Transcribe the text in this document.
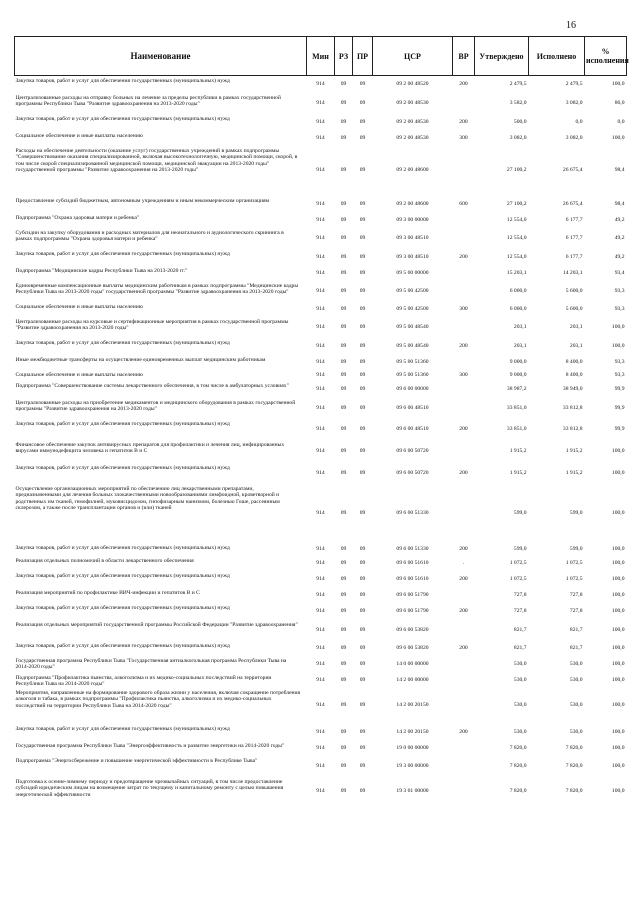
16
Наименование	Мин	РЗ	ПР	ЦСР	ВР	Утверждено	Исполнено	% исполнения
Закупка товаров, работ и услуг для обеспечения государственных (муниципальных) нужд	914	09	09	09 2 00 48520	200	2 479,5	2 479,5	100,0
Централизованные расходы на отправку больных на лечение за пределы республики в рамках государственной программы Республики Тыва "Развитие здравоохранения на 2013-2020 годы"	914	09	09	09 2 00 48530		3 582,0	3 082,0	86,0
Закупка товаров, работ и услуг для обеспечения государственных (муниципальных) нужд	914	09	09	09 2 00 48530	200	500,0	0,0	0,0
Социальное обеспечение и иные выплаты населению	914	09	09	09 2 00 48530	300	3 082,0	3 082,0	100,0
Расходы на обеспечение деятельности (оказание услуг) государственных учреждений в рамках подпрограммы "Совершенствование оказания специализированной, включая высокотехнологичную, медицинской помощи, скорой, в том числе скорой специализированной медицинской помощи, медицинской эвакуации на 2013-2020 годы" государственной программы "Развитие здравоохранения на 2013-2020 годы"	914	09	09	09 2 00 48600		27 100,2	26 675,4	98,4
Предоставление субсидий бюджетным, автономным учреждениям и иным некоммерческим организациям	914	09	09	09 2 00 48600	600	27 100,2	26 675,4	98,4
Подпрограмма "Охрана здоровья матери и ребенка"	914	09	09	09 3 00 00000		12 554,0	6 177,7	49,2
Субсидии на закупку оборудования и расходных материалов для неонатального и аудиологического скрининга в рамках подпрограммы "Охрана здоровья матери и ребенка"	914	09	09	09 3 00 48510		12 554,0	6 177,7	49,2
Закупка товаров, работ и услуг для обеспечения государственных (муниципальных) нужд	914	09	09	09 3 00 48510	200	12 554,0	6 177,7	49,2
Подпрограмма "Медицинские кадры Республики Тыва на 2013-2020 гг."	914	09	09	09 5 00 00000		15 203,1	14 203,1	93,4
Единовременные компенсационные выплаты медицинским работникам в рамках подпрограммы "Медицинские кадры Республики Тыва на 2013-2020 годы" государственной программы "Развитие здравоохранения на 2013-2020 годы"	914	09	09	09 5 00 42500		6 000,0	5 600,0	93,3
Социальное обеспечение и иные выплаты населению	914	09	09	09 5 00 42500	300	6 000,0	5 600,0	93,3
Централизованные расходы на курсовые и сертификационные мероприятия в рамках государственной программы "Развитие здравоохранения на 2013-2020 годы"	914	09	09	09 5 00 48540		203,1	203,1	100,0
Закупка товаров, работ и услуг для обеспечения государственных (муниципальных) нужд	914	09	09	09 5 00 48540	200	203,1	203,1	100,0
Иные межбюджетные трансферты на осуществление единовременных выплат медицинским работникам	914	09	09	09 5 00 51360		9 000,0	8 400,0	93,3
Социальное обеспечение и иные выплаты населению	914	09	09	09 5 00 51360	300	9 000,0	8 400,0	93,3
Подпрограмма "Совершенствование системы лекарственного обеспечения, в том числе в амбулаторных условиях"	914	09	09	09 6 00 00000		38 987,2	38 949,0	99,9
Централизованные расходы на приобретение медикаментов и медицинского оборудования в рамках государственной программы "Развитие здравоохранения на 2013-2020 годы"	914	09	09	09 6 00 48510		33 851,0	33 812,8	99,9
Закупка товаров, работ и услуг для обеспечения государственных (муниципальных) нужд	914	09	09	09 6 00 48510	200	33 851,0	33 812,8	99,9
Финансовое обеспечение закупок антивирусных препаратов для профилактики и лечения лиц, инфицированных вирусами иммунодефицита человека и гепатитов В и С	914	09	09	09 6 00 50720		1 915,2	1 915,2	100,0
Закупка товаров, работ и услуг для обеспечения государственных (муниципальных) нужд	914	09	09	09 6 00 50720	200	1 915,2	1 915,2	100,0
Осуществление организационных мероприятий по обеспечению лиц лекарственными препаратами, предназначенными для лечения больных злокачественными новообразованиями лимфоидной, кроветворной и родственных им тканей, гемофилией, муковисцидозом, гипофизарным нанизмом, болезнью Гоше, рассеянным склерозом, а также после трансплантации органов и (или) тканей	914	09	09	09 6 00 51330		599,0	599,0	100,0
Закупка товаров, работ и услуг для обеспечения государственных (муниципальных) нужд	914	09	09	09 6 00 51330	200	599,0	599,0	100,0
Реализация отдельных полномочий в области лекарственного обеспечения	914	09	09	09 6 00 51610	.	1 072,5	1 072,5	100,0
Закупка товаров, работ и услуг для обеспечения государственных (муниципальных) нужд	914	09	09	09 6 00 51610	200	1 072,5	1 072,5	100,0
Реализация мероприятий по профилактике ВИЧ-инфекции и гепатитов В и С	914	09	09	09 6 00 51790		727,8	727,8	100,0
Закупка товаров, работ и услуг для обеспечения государственных (муниципальных) нужд	914	09	09	09 6 00 51790	200	727,8	727,8	100,0
Реализация отдельных мероприятий государственной программы Российской Федерации "Развитие здравоохранения"	914	09	09	09 6 00 53820		821,7	821,7	100,0
Закупка товаров, работ и услуг для обеспечения государственных (муниципальных) нужд	914	09	09	09 6 00 53820	200	821,7	821,7	100,0
Государственная программа Республики Тыва "Государственная антиалкогольная программа Республики Тыва на 2014-2020 годы"	914	09	09	14 0 00 00000		530,0	530,0	100,0
Подпрограмма "Профилактика пьянства, алкоголизма и их медико-социальных последствий на территории Республики Тыва на 2014-2020 годы"	914	09	09	14 2 00 00000		530,0	530,0	100,0
Мероприятия, направленные на формирование здорового образа жизни у населения, включая сокращение потребления алкоголя и табака, в рамках подпрограммы "Профилактика пьянства, алкоголизма и их медико-социальных последствий на территории Республики Тыва на 2014-2020 годы"	914	09	09	14 2 00 20150		530,0	530,0	100,0
Закупка товаров, работ и услуг для обеспечения государственных (муниципальных) нужд	914	09	09	14 2 00 20150	200	530,0	530,0	100,0
Государственная программа Республики Тыва "Энергоэффективность и развитие энергетики на 2014-2020 годы"	914	09	09	19 0 00 00000		7 820,0	7 820,0	100,0
Подпрограмма "Энергосбережение и повышение энергетической эффективности в Республике Тыва"	914	09	09	19 3 00 00000		7 820,0	7 820,0	100,0
Подготовка к осенне-зимнему периоду и предотвращение чрезвычайных ситуаций, в том числе предоставление субсидий юридическим лицам на возмещение затрат по текущему и капитальному ремонту с целью повышения энергетической эффективности	914	09	09	19 3 01 00000		7 820,0	7 820,0	100,0
